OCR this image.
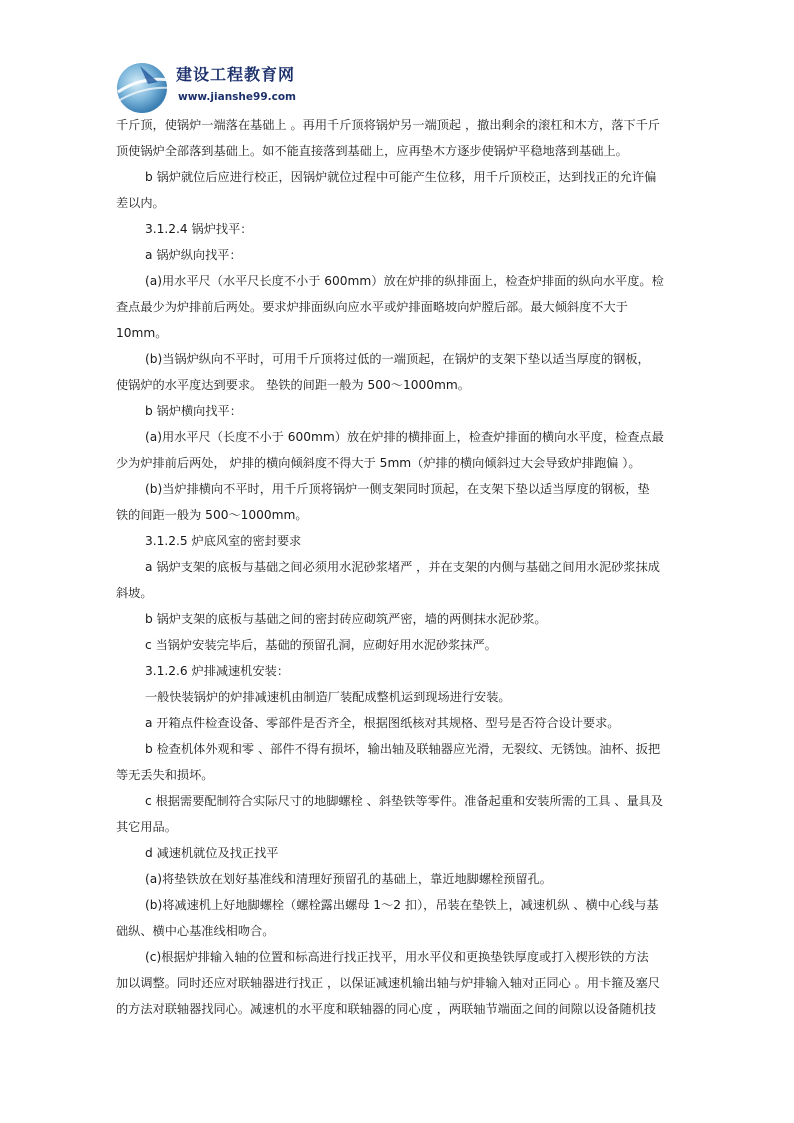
建设工程教育网
www.jianshe99.com
千斤顶，使锅炉一端落在基础上 。再用千斤顶将锅炉另一端顶起 ，撤出剩余的滚杠和木方，落下千斤
顶使锅炉全部落到基础上。如不能直接落到基础上，应再垫木方逐步使锅炉平稳地落到基础上。
b 锅炉就位后应进行校正，因锅炉就位过程中可能产生位移，用千斤顶校正，达到找正的允许偏
差以内。
3.1.2.4 锅炉找平：
a 锅炉纵向找平：
(a)用水平尺（水平尺长度不小于 600mm）放在炉排的纵排面上，检查炉排面的纵向水平度。检
查点最少为炉排前后两处。要求炉排面纵向应水平或炉排面略坡向炉膛后部。最大倾斜度不大于
10mm。
(b)当锅炉纵向不平时，可用千斤顶将过低的一端顶起，在锅炉的支架下垫以适当厚度的钢板，
使锅炉的水平度达到要求。 垫铁的间距一般为 500～1000mm。
b 锅炉横向找平：
(a)用水平尺（长度不小于 600mm）放在炉排的横排面上，检查炉排面的横向水平度，检查点最
少为炉排前后两处， 炉排的横向倾斜度不得大于 5mm（炉排的横向倾斜过大会导致炉排跑偏 ）。
(b)当炉排横向不平时，用千斤顶将锅炉一侧支架同时顶起，在支架下垫以适当厚度的钢板，垫
铁的间距一般为 500～1000mm。
3.1.2.5 炉底风室的密封要求
a 锅炉支架的底板与基础之间必须用水泥砂浆堵严 ，并在支架的内侧与基础之间用水泥砂浆抹成
斜坡。
b 锅炉支架的底板与基础之间的密封砖应砌筑严密，墙的两侧抹水泥砂浆。
c 当锅炉安装完毕后，基础的预留孔洞，应砌好用水泥砂浆抹严。
3.1.2.6 炉排减速机安装：
一般快装锅炉的炉排减速机由制造厂装配成整机运到现场进行安装。
a 开箱点件检查设备、零部件是否齐全，根据图纸核对其规格、型号是否符合设计要求。
b 检查机体外观和零 、部件不得有损坏，输出轴及联轴器应光滑，无裂纹、无锈蚀。油杯、扳把
等无丢失和损坏。
c 根据需要配制符合实际尺寸的地脚螺栓 、斜垫铁等零件。准备起重和安装所需的工具 、量具及
其它用品。
d 减速机就位及找正找平
(a)将垫铁放在划好基准线和清理好预留孔的基础上，靠近地脚螺栓预留孔。
(b)将减速机上好地脚螺栓（螺栓露出螺母 1～2 扣），吊装在垫铁上，减速机纵 、横中心线与基
础纵、横中心基准线相吻合。
(c)根据炉排输入轴的位置和标高进行找正找平，用水平仪和更换垫铁厚度或打入楔形铁的方法
加以调整。同时还应对联轴器进行找正 ，以保证减速机输出轴与炉排输入轴对正同心 。用卡箍及塞尺
的方法对联轴器找同心。减速机的水平度和联轴器的同心度 ，两联轴节端面之间的间隙以设备随机技
